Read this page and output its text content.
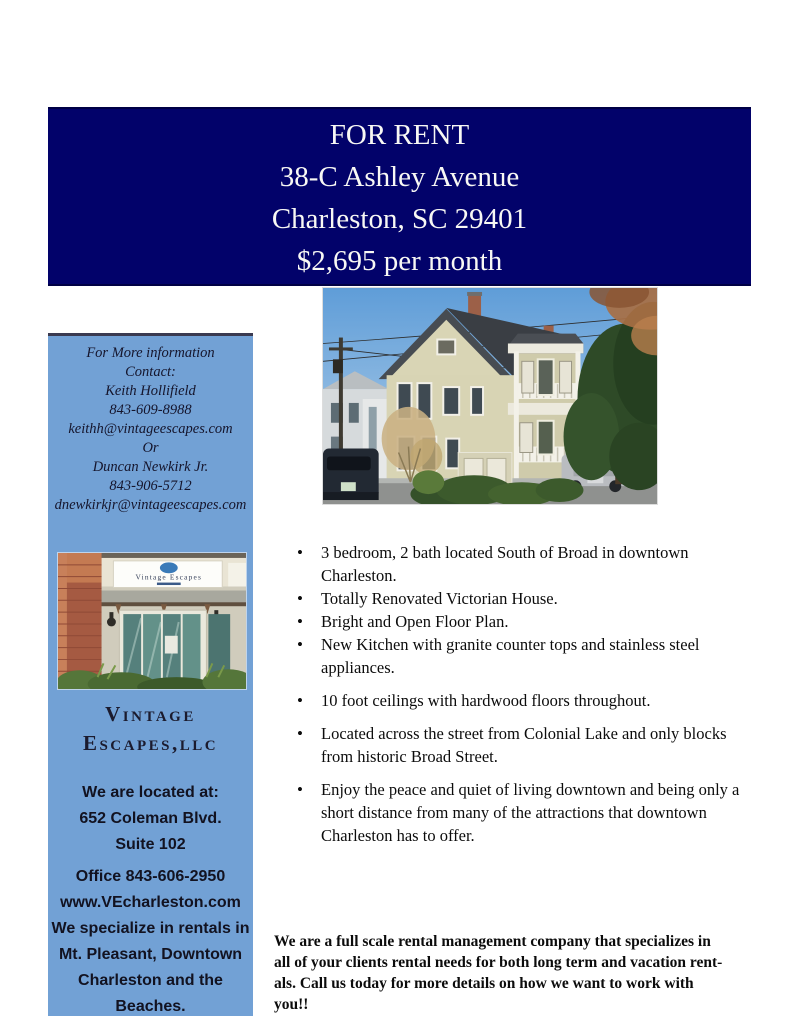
FOR RENT
38-C Ashley Avenue
Charleston, SC 29401
$2,695 per month
For More information
Contact:
Keith Hollifield
843-609-8988
keithh@vintageescapes.com
Or
Duncan Newkirk Jr.
843-906-5712
dnewkirkjr@vintageescapes.com
Vintage Escapes
Vintage
Escapes,llc
We are located at:
652 Coleman Blvd.
Suite 102
Office 843-606-2950
www.VEcharleston.com
We specialize in rentals in
Mt. Pleasant, Downtown
Charleston and the
Beaches.
• 3 bedroom, 2 bath located South of Broad in downtown Charleston.
• Totally Renovated Victorian House.
• Bright and Open Floor Plan.
• New Kitchen with granite counter tops and stainless steel appliances.
• 10 foot ceilings with hardwood floors throughout.
• Located across the street from Colonial Lake and only blocks from historic Broad Street.
• Enjoy the peace and quiet of living downtown and being only a short distance from many of the attractions that downtown Charleston has to offer.
We are a full scale rental management company that specializes in
all of your clients rental needs for both long term and vacation rent-
als. Call us today for more details on how we want to work with
you!!
